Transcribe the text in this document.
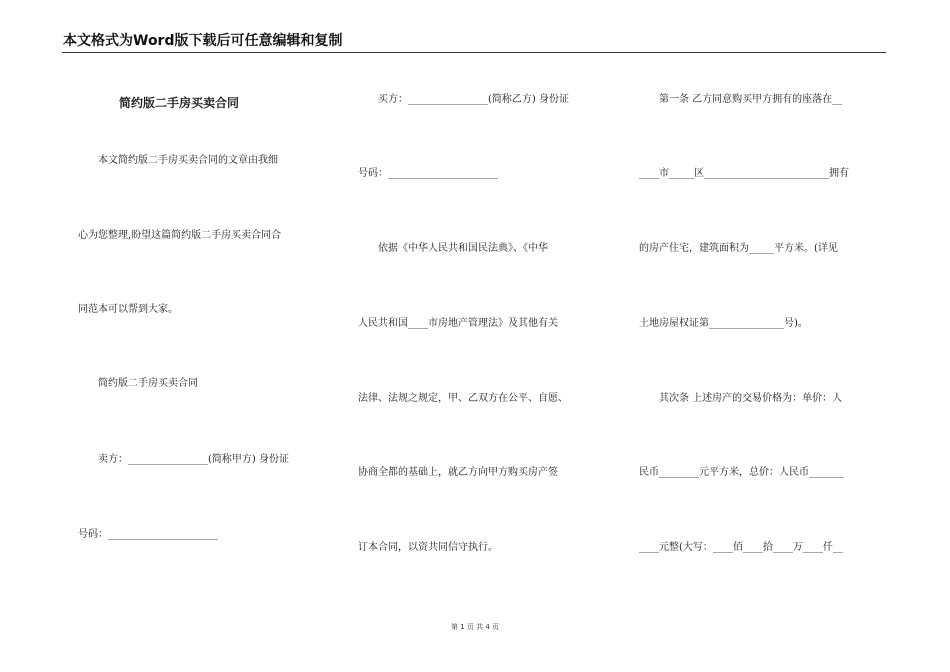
本文格式为Word版下载后可任意编辑和复制
简约版二手房买卖合同
　　本文简约版二手房买卖合同的文章由我细
心为您整理,盼望这篇简约版二手房买卖合同合
同范本可以帮到大家。
　　简约版二手房买卖合同
　　卖方：________________(简称甲方) 身份证
号码：______________________
　　买方：________________(简称乙方) 身份证
号码：______________________
　　依据《中华人民共和国民法典》、《中华
人民共和国____市房地产管理法》及其他有关
法律、法规之规定，甲、乙双方在公平、自愿、
协商全都的基础上，就乙方向甲方购买房产签
订本合同，以资共同信守执行。
　　第一条 乙方同意购买甲方拥有的座落在__
____市_____区_________________________拥有
的房产住宅，建筑面积为_____平方米。(详见
土地房屋权证第_______________号)。
　　其次条 上述房产的交易价格为：单价：人
民币________元平方米，总价：人民币_______
____元整(大写：____佰____拾____万____仟__
第 1 页 共 4 页
